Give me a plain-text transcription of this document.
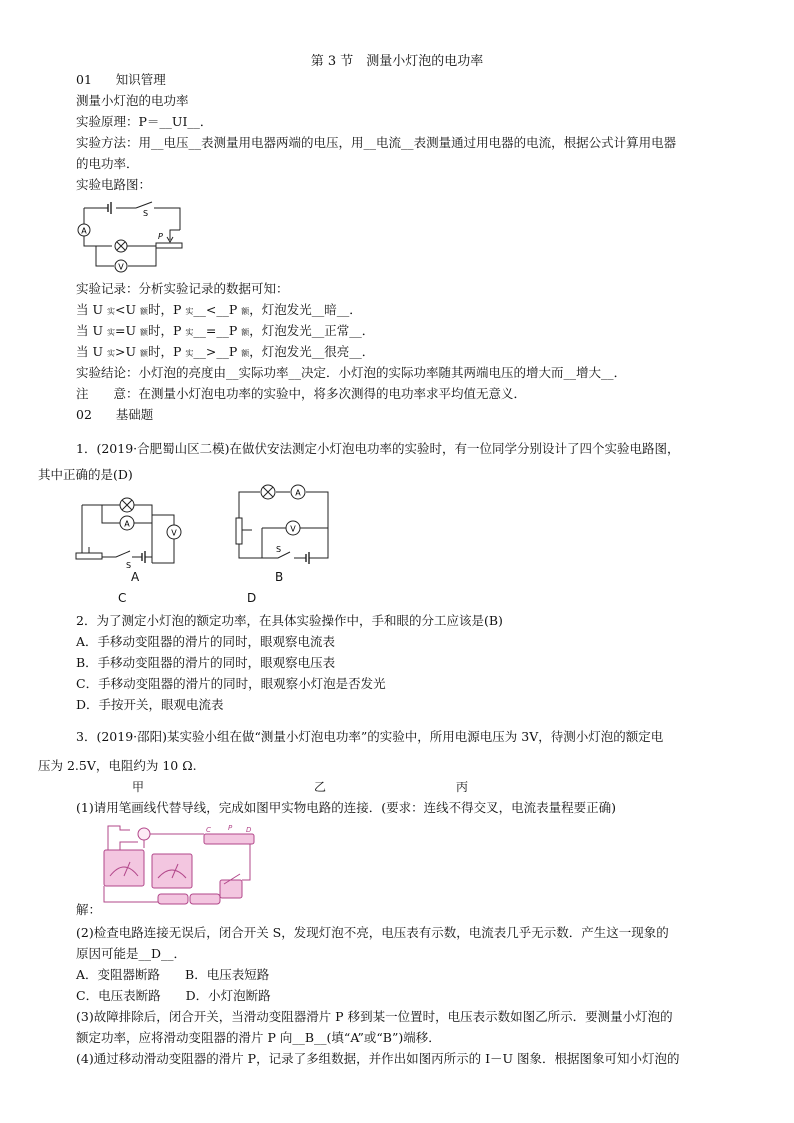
第 3 节　测量小灯泡的电功率
01 知识管理
测量小灯泡的电功率
实验原理：P＝__UI__．
实验方法：用__电压__表测量用电器两端的电压，用__电流__表测量通过用电器的电流，根据公式计算用电器
的电功率．
实验电路图：
A
V
S
P
实验记录：分析实验记录的数据可知：
当 U 实<U 额时，P 实__<__P 额，灯泡发光__暗__．
当 U 实=U 额时，P 实__=__P 额，灯泡发光__正常__．
当 U 实>U 额时，P 实__>__P 额，灯泡发光__很亮__．
实验结论：小灯泡的亮度由__实际功率__决定．小灯泡的实际功率随其两端电压的增大而__增大__．
注　　意：在测量小灯泡电功率的实验中，将多次测得的电功率求平均值无意义．
02 基础题
1．(2019·合肥蜀山区二模)在做伏安法测定小灯泡电功率的实验时，有一位同学分别设计了四个实验电路图，
其中正确的是(D)
A
V
S
A
V
S
A	B
C	D
2．为了测定小灯泡的额定功率，在具体实验操作中，手和眼的分工应该是(B)
A．手移动变阻器的滑片的同时，眼观察电流表
B．手移动变阻器的滑片的同时，眼观察电压表
C．手移动变阻器的滑片的同时，眼观察小灯泡是否发光
D．手按开关，眼观电流表
3．(2019·邵阳)某实验小组在做“测量小灯泡电功率”的实验中，所用电源电压为 3V，待测小灯泡的额定电
压为 2.5V，电阻约为 10 Ω.
甲	乙	丙
(1)请用笔画线代替导线，完成如图甲实物电路的连接．(要求：连线不得交叉，电流表量程要正确)
C	D
P
解：
(2)检查电路连接无误后，闭合开关 S，发现灯泡不亮，电压表有示数，电流表几乎无示数．产生这一现象的
原因可能是__D__．
A．变阻器断路　　B．电压表短路
C．电压表断路　　D．小灯泡断路
(3)故障排除后，闭合开关，当滑动变阻器滑片 P 移到某一位置时，电压表示数如图乙所示．要测量小灯泡的
额定功率，应将滑动变阻器的滑片 P 向__B__(填“A”或“B”)端移．
(4)通过移动滑动变阻器的滑片 P，记录了多组数据，并作出如图丙所示的 I－U 图象．根据图象可知小灯泡的
